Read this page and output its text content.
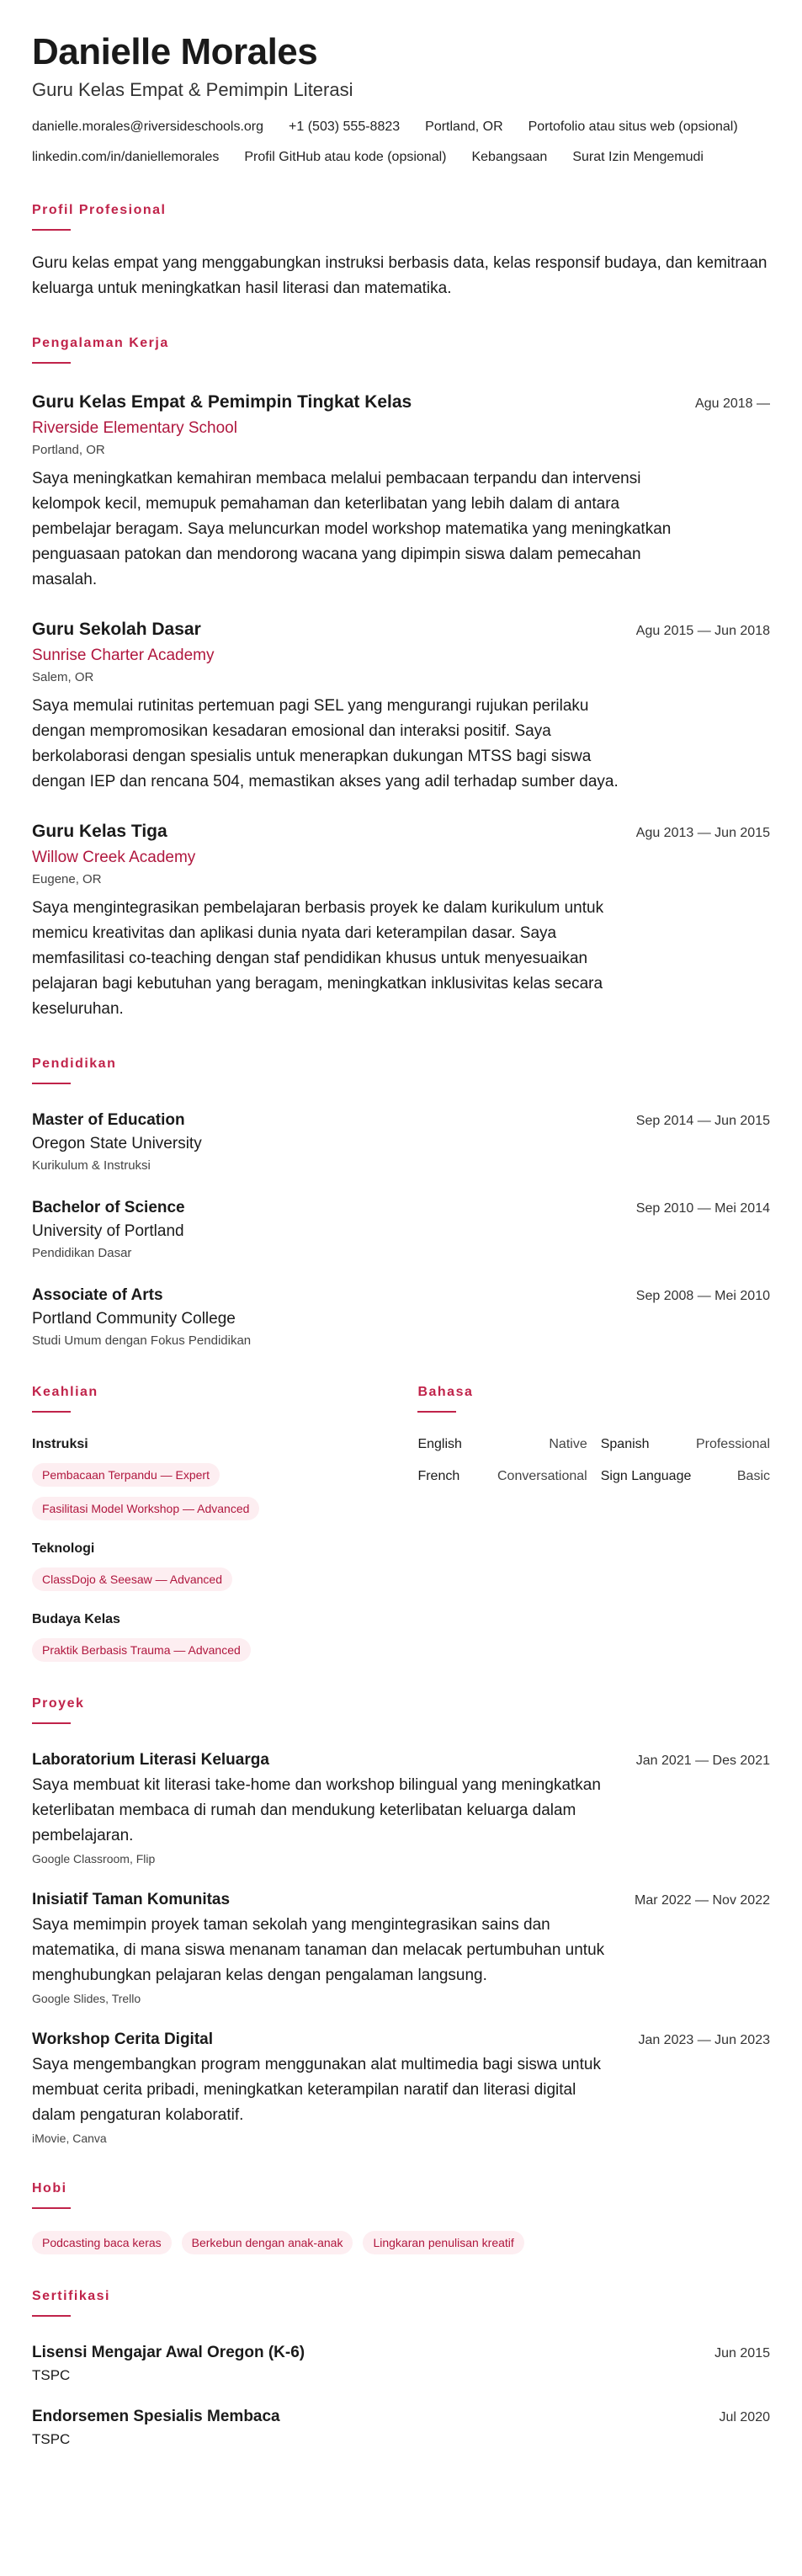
Danielle Morales
Guru Kelas Empat & Pemimpin Literasi
danielle.morales@riversideschools.org +1 (503) 555-8823 Portland, OR Portofolio atau situs web (opsional)
linkedin.com/in/daniellemorales Profil GitHub atau kode (opsional) Kebangsaan Surat Izin Mengemudi
Profil Profesional
Guru kelas empat yang menggabungkan instruksi berbasis data, kelas responsif budaya, dan kemitraan keluarga untuk meningkatkan hasil literasi dan matematika.
Pengalaman Kerja
Guru Kelas Empat & Pemimpin Tingkat Kelas	Agu 2018 —
Riverside Elementary School
Portland, OR
Saya meningkatkan kemahiran membaca melalui pembacaan terpandu dan intervensi kelompok kecil, memupuk pemahaman dan keterlibatan yang lebih dalam di antara pembelajar beragam. Saya meluncurkan model workshop matematika yang meningkatkan penguasaan patokan dan mendorong wacana yang dipimpin siswa dalam pemecahan masalah.
Guru Sekolah Dasar	Agu 2015 — Jun 2018
Sunrise Charter Academy
Salem, OR
Saya memulai rutinitas pertemuan pagi SEL yang mengurangi rujukan perilaku dengan mempromosikan kesadaran emosional dan interaksi positif. Saya berkolaborasi dengan spesialis untuk menerapkan dukungan MTSS bagi siswa dengan IEP dan rencana 504, memastikan akses yang adil terhadap sumber daya.
Guru Kelas Tiga	Agu 2013 — Jun 2015
Willow Creek Academy
Eugene, OR
Saya mengintegrasikan pembelajaran berbasis proyek ke dalam kurikulum untuk memicu kreativitas dan aplikasi dunia nyata dari keterampilan dasar. Saya memfasilitasi co-teaching dengan staf pendidikan khusus untuk menyesuaikan pelajaran bagi kebutuhan yang beragam, meningkatkan inklusivitas kelas secara keseluruhan.
Pendidikan
Master of Education	Sep 2014 — Jun 2015
Oregon State University
Kurikulum & Instruksi
Bachelor of Science	Sep 2010 — Mei 2014
University of Portland
Pendidikan Dasar
Associate of Arts	Sep 2008 — Mei 2010
Portland Community College
Studi Umum dengan Fokus Pendidikan
Keahlian
Instruksi
Pembacaan Terpandu — Expert
Fasilitasi Model Workshop — Advanced
Teknologi
ClassDojo & Seesaw — Advanced
Budaya Kelas
Praktik Berbasis Trauma — Advanced
Bahasa
English	Native Spanish	Professional
French	Conversational Sign Language	Basic
Proyek
Laboratorium Literasi Keluarga	Jan 2021 — Des 2021
Saya membuat kit literasi take-home dan workshop bilingual yang meningkatkan keterlibatan membaca di rumah dan mendukung keterlibatan keluarga dalam pembelajaran.
Google Classroom, Flip
Inisiatif Taman Komunitas	Mar 2022 — Nov 2022
Saya memimpin proyek taman sekolah yang mengintegrasikan sains dan matematika, di mana siswa menanam tanaman dan melacak pertumbuhan untuk menghubungkan pelajaran kelas dengan pengalaman langsung.
Google Slides, Trello
Workshop Cerita Digital	Jan 2023 — Jun 2023
Saya mengembangkan program menggunakan alat multimedia bagi siswa untuk membuat cerita pribadi, meningkatkan keterampilan naratif dan literasi digital dalam pengaturan kolaboratif.
iMovie, Canva
Hobi
Podcasting baca keras	Berkebun dengan anak-anak	Lingkaran penulisan kreatif
Sertifikasi
Lisensi Mengajar Awal Oregon (K-6)	Jun 2015
TSPC
Endorsemen Spesialis Membaca	Jul 2020
TSPC
